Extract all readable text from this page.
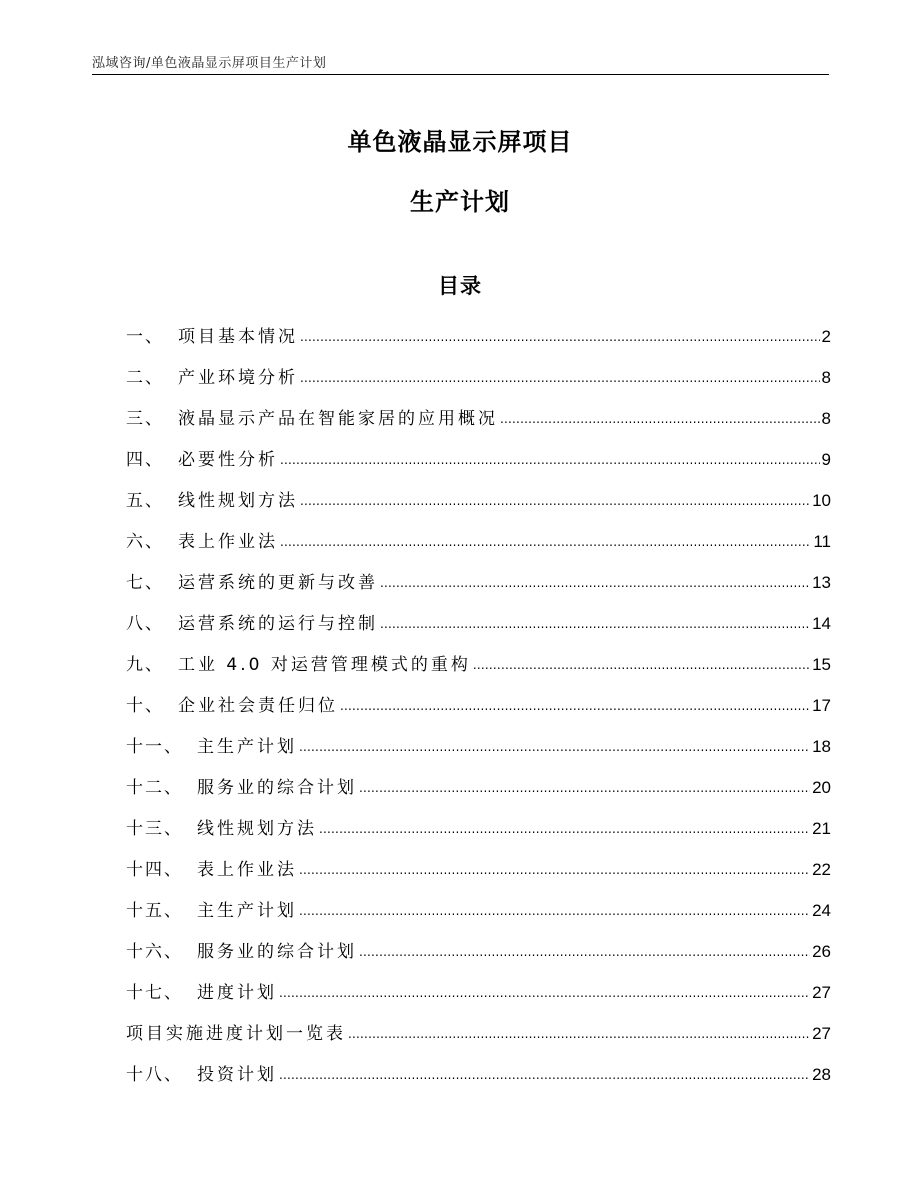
泓域咨询/单色液晶显示屏项目生产计划
单色液晶显示屏项目
生产计划
目录
一、 项目基本情况 .....	2
二、 产业环境分析 .....	8
三、 液晶显示产品在智能家居的应用概况 .....	8
四、 必要性分析 .....	9
五、 线性规划方法 .....	10
六、 表上作业法 .....	11
七、 运营系统的更新与改善 .....	13
八、 运营系统的运行与控制 .....	14
九、 工业 4.0 对运营管理模式的重构 .....	15
十、 企业社会责任归位 .....	17
十一、 主生产计划 .....	18
十二、 服务业的综合计划 .....	20
十三、 线性规划方法 .....	21
十四、 表上作业法 .....	22
十五、 主生产计划 .....	24
十六、 服务业的综合计划 .....	26
十七、 进度计划 .....	27
项目实施进度计划一览表 .....	27
十八、 投资计划 .....	28
